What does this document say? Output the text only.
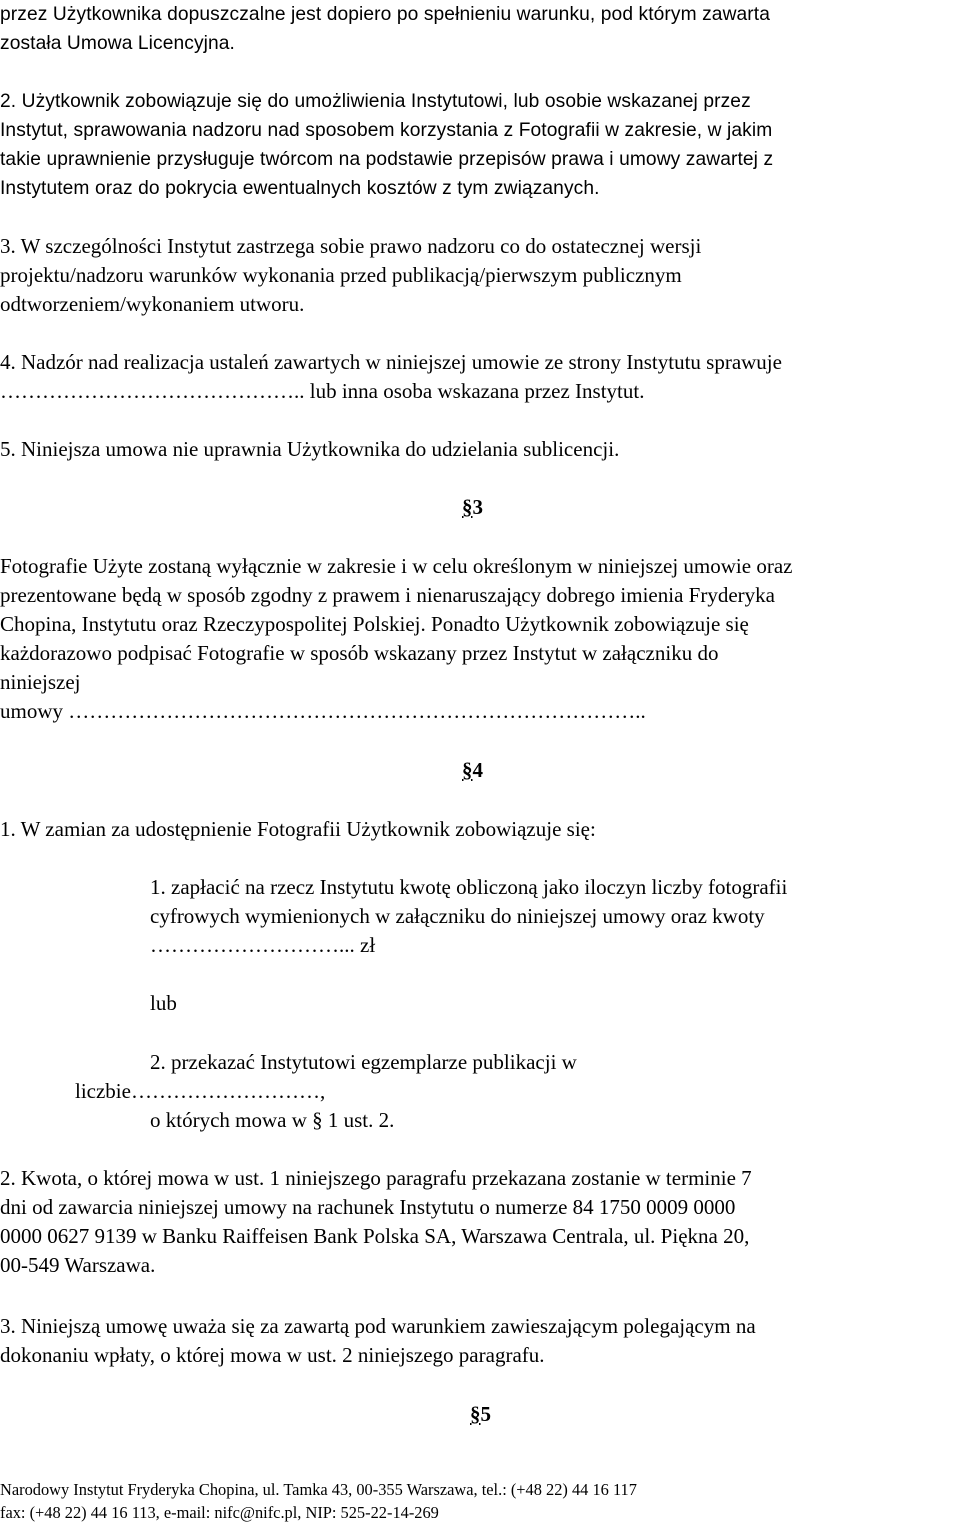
przez Użytkownika dopuszczalne jest dopiero po spełnieniu warunku, pod którym zawarta
została Umowa Licencyjna.
2. Użytkownik zobowiązuje się do umożliwienia Instytutowi, lub osobie wskazanej przez
Instytut, sprawowania nadzoru nad sposobem korzystania z Fotografii w zakresie, w jakim
takie uprawnienie przysługuje twórcom na podstawie przepisów prawa i umowy zawartej z
Instytutem oraz do pokrycia ewentualnych kosztów z tym związanych.
3. W szczególności Instytut zastrzega sobie prawo nadzoru co do ostatecznej wersji
projektu/nadzoru warunków wykonania przed publikacją/pierwszym publicznym
odtworzeniem/wykonaniem utworu.
4. Nadzór nad realizacja ustaleń zawartych w niniejszej umowie ze strony Instytutu sprawuje
…………………………………….. lub inna osoba wskazana przez Instytut.
5. Niniejsza umowa nie uprawnia Użytkownika do udzielania sublicencji.
§3
Fotografie Użyte zostaną wyłącznie w zakresie i w celu określonym w niniejszej umowie oraz
prezentowane będą w sposób zgodny z prawem i nienaruszający dobrego imienia Fryderyka
Chopina, Instytutu oraz Rzeczypospolitej Polskiej. Ponadto Użytkownik zobowiązuje się
każdorazowo podpisać Fotografie w sposób wskazany przez Instytut w załączniku do
niniejszej
umowy ………………………………………………………………………..
§4
1. W zamian za udostępnienie Fotografii Użytkownik zobowiązuje się:
1. zapłacić na rzecz Instytutu kwotę obliczoną jako iloczyn liczby fotografii
cyfrowych wymienionych w załączniku do niniejszej umowy oraz kwoty
………………………... zł
lub
2. przekazać Instytutowi egzemplarze publikacji w
liczbie………………………,
o których mowa w § 1 ust. 2.
2. Kwota, o której mowa w ust. 1 niniejszego paragrafu przekazana zostanie w terminie 7
dni od zawarcia niniejszej umowy na rachunek Instytutu o numerze 84 1750 0009 0000
0000 0627 9139 w Banku Raiffeisen Bank Polska SA, Warszawa Centrala, ul. Piękna 20,
00-549 Warszawa.
3. Niniejszą umowę uważa się za zawartą pod warunkiem zawieszającym polegającym na
dokonaniu wpłaty, o której mowa w ust. 2 niniejszego paragrafu.
§5
Narodowy Instytut Fryderyka Chopina, ul. Tamka 43, 00-355 Warszawa, tel.: (+48 22) 44 16 117
fax: (+48 22) 44 16 113, e-mail: nifc@nifc.pl, NIP: 525-22-14-269
